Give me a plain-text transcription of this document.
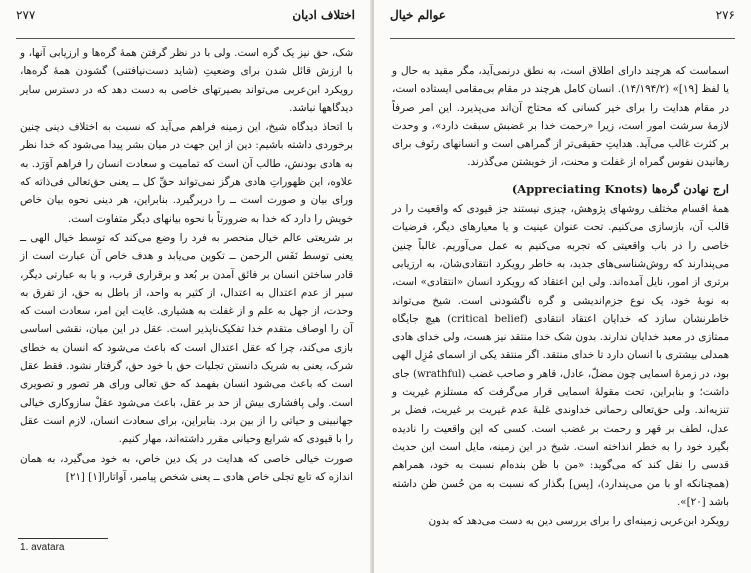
اختلاف ادیان
۲۷۷

شک، حق نیز یک گره است. ولی با در نظر گرفتن همهٔ گره‌ها و ارزیابی آنها، و با ارزش قائل شدن برای وضعیتِ (شاید دست‌نیافتنی) گشودن همهٔ گره‌ها، رویکرد ابن‌عربی می‌تواند بصیرتهای خاصی به دست دهد که در دسترس سایر دیدگاهها نباشد.

با اتحاذ دیدگاه شیخ، این زمینه فراهم می‌آید که نسبت به اختلاف دینی چنین برخوردی داشته باشیم: دین از این جهت در میان بشر پیدا می‌شود که خدا نظر به هادی بودنش، طالب آن است که تمامیت و سعادت انسان را فراهم آوَرَد. به علاوه، این ظهوراتِ هادی هرگز نمی‌تواند حقِّ کل ــ یعنی حق‌تعالی فی‌ذاته که ورای بیان و صورت است ــ را دربرگیرد. بنابراین، هر دینی نحوه بیان خاص خویش را دارد که خدا به ضرورتاً با نحوه بیانهای دیگر متفاوت است.

بر شریعتی عالم خیال منحصر به فرد را وضع می‌کند که توسط خیال الهی ــ یعنی توسط نَفَس الرحمن ــ تکوین می‌یابد و هدف خاص آن عبارت است از قادر ساختن انسان بر فائق آمدن بر بُعد و برقراری قرب، و با به عبارتی دیگر، سیر از عدم اعتدال به اعتدال، از کثیر به واحد، از باطل به حق، از تفرق به وحدت، از جهل به علم و از غفلت به هشیاری. غایت این امر، سعادت است که آن را اوصاف متقدم خدا تفکیک‌ناپذیر است. عقل در این میان، نقشی اساسی بازی می‌کند، چرا که عقل اعتدال است که باعث می‌شود که انسان به خطای شرک، یعنی به شریک دانستن تجلیات حق با خود حق، گرفتار نشود. فقط عقل است که باعث می‌شود انسان بفهمد که حق تعالی ورای هر تصور و تصویری است. ولی پافشاری بیش از حد بر عقل، باعث می‌شود عقلْ سازوکاری خیالی جهانبینی و حیاتی را از بین برد. بنابراین، برای سعادت انسان، لازم است عقل را با قیودی که شرایع وحیانی مقرر داشته‌اند، مهار کنیم.

صورت خیالی خاصی که هدایت در یک دین خاص، به خود می‌گیرد، به همان اندازه که تابع تجلی خاص هادی ــ یعنی شخص پیامبر، آواتارا[۱] [۲۱]

1. avatara
۲۷۶
عوالم خیال

اسماست که هرچند دارای اطلاق است، به نطق درنمی‌آید، مگر مقید به حال و یا لفظ [۱۹]» (۱۴/۱۹۴/۲). انسان کامل هرچند در مقام بی‌مقامی ایستاده است، در مقام هدایت را برای خیر کسانی که محتاج آن‌اند می‌پذیرد. این امر صرفاً لازمهٔ سرشت امور است، زیرا «رحمت خدا بر غضبش سبقت دارد»، و وحدت بر کثرت غالب می‌آید. هدایتِ حقیقی‌تر از گمراهی است و انسانهای رئوف برای رهانیدن نفوس گمراه از غفلت و محنت، از خویشتن می‌گذرند.

ارج نهادن گره‌ها (Appreciating Knots)

همهٔ اقسام مختلف روشهای پژوهش، چیزی نیستند جز قیودی که واقعیت را در قالب آن، بازسازی می‌کنیم. تحت عنوان عینیت و یا معیارهای دیگر، فرضیات خاصی را در باب واقعیتی که تجربه می‌کنیم به عمل می‌آوریم. غالباً چنین می‌پندارند که روش‌شناسی‌های جدید، به خاطر رویکرد انتقادی‌شان، به ارزیابی برتری از امور، نایل آمده‌اند. ولی این اعتقاد که رویکرد انسان «انتقادی» است، به نوبهٔ خود، یک نوع جزم‌اندیشی و گره ناگشودنی است. شیخ می‌تواند خاطرنشان سازد که خدایان اعتقاد انتقادی (critical belief) هیچ جایگاه ممتازی در معبد خدایان ندارند. بدون شک خدا منتقد نیز هست، ولی خدای هادی همدلی بیشتری با انسان دارد تا خدای منتقد. اگر منتقد یکی از اسمای مُزِل الهی بود، در زمرهٔ اسمایی چون مضلّ، عادل، قاهر و صاحب غضب (wrathful) جای داشت؛ و بنابراین، تحت مقولهٔ اسمایی قرار می‌گرفت که مستلزم غیریت و تنزیه‌اند. ولی حق‌تعالی رحمانی خداوندی غلبهٔ عدم غیریت بر غیریت، فضل بر عدل، لطف بر قهر و رحمت بر غضب است. کسی که این واقعیت را نادیده بگیرد خود را به خطر انداخته است. شیخ در این زمینه، مایل است این حدیث قدسی را نقل کند که می‌گوید: «من با ظن بنده‌ام نسبت به خود، همراهم (همچنانکه او با من می‌پندارد)، [پس] بگذار که نسبت به من حُسن ظن داشته باشد [۲۰]».

رویکرد ابن‌عربی زمینه‌ای را برای بررسی دین به دست می‌دهد که بدون
